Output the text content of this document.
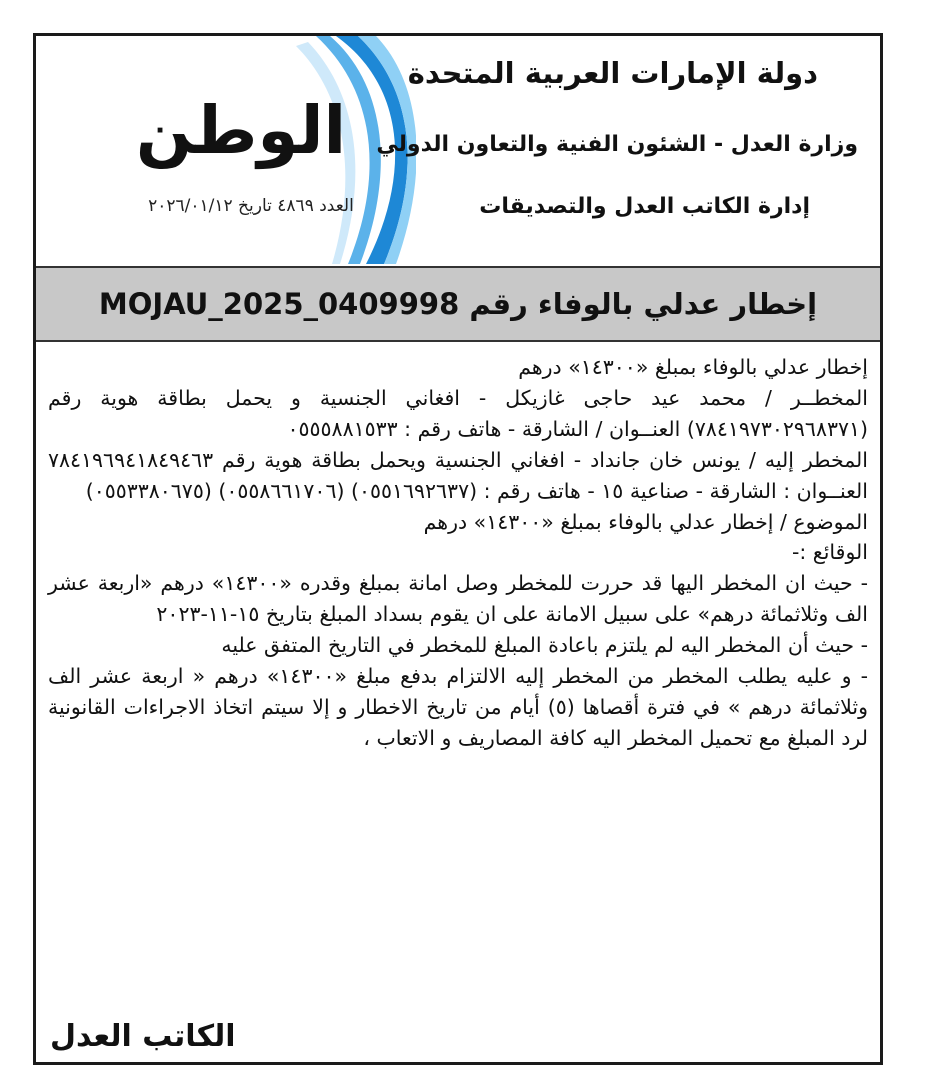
الوطن
العدد ٤٨٦٩ تاريخ ٢٠٢٦/٠١/١٢
دولة الإمارات العربية المتحدة
وزارة العدل - الشئون الفنية والتعاون الدولي
إدارة الكاتب العدل والتصديقات
إخطار عدلي بالوفاء رقم MOJAU_2025_0409998

إخطار عدلي بالوفاء بمبلغ «١٤٣٠٠» درهم

المخطــر / محمد عيد حاجى غازيكل - افغاني الجنسية و يحمل بطاقة هوية رقم (٧٨٤١٩٧٣٠٢٩٦٨٣٧١) العنــوان / الشارقة - هاتف رقم : ٠٥٥٥٨٨١٥٣٣

المخطر إليه / يونس خان جانداد - افغاني الجنسية ويحمل بطاقة هوية رقم ٧٨٤١٩٦٩٤١٨٤٩٤٦٣ العنــوان : الشارقة - صناعية ١٥ - هاتف رقم : (٠٥٥١٦٩٢٦٣٧) (٠٥٥٨٦٦١٧٠٦) (٠٥٥٣٣٨٠٦٧٥)

الموضوع / إخطار عدلي بالوفاء بمبلغ «١٤٣٠٠» درهم

الوقائع :-

- حيث ان المخطر اليها قد حررت للمخطر وصل امانة بمبلغ وقدره «١٤٣٠٠» درهم «اربعة عشر الف وثلاثمائة درهم» على سبيل الامانة على ان يقوم بسداد المبلغ بتاريخ ١٥-١١-٢٠٢٣

- حيث أن المخطر اليه لم يلتزم باعادة المبلغ للمخطر في التاريخ المتفق عليه

- و عليه يطلب المخطر من المخطر إليه الالتزام بدفع مبلغ «١٤٣٠٠» درهم « اربعة عشر الف وثلاثمائة درهم » في فترة أقصاها (٥) أيام من تاريخ الاخطار و إلا سيتم اتخاذ الاجراءات القانونية لرد المبلغ مع تحميل المخطر اليه كافة المصاريف و الاتعاب ،

الكاتب العدل
